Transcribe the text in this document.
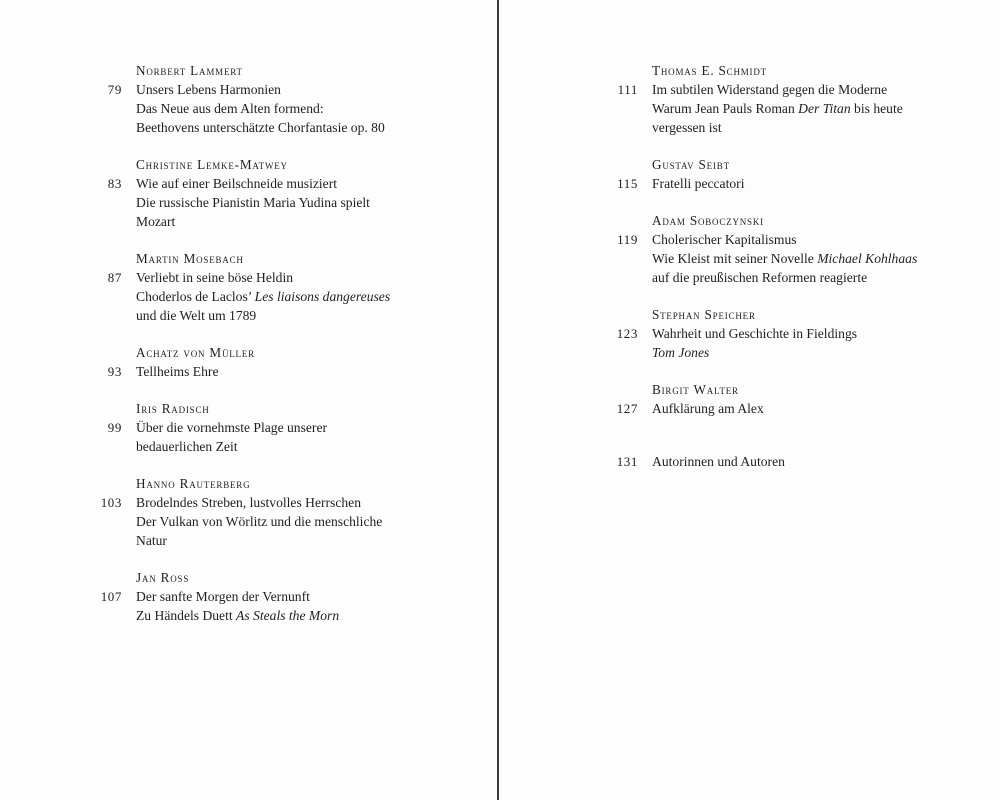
Norbert Lammert
79 Unsers Lebens Harmonien
Das Neue aus dem Alten formend:
Beethovens unterschätzte Chorfantasie op. 80
Christine Lemke-Matwey
83 Wie auf einer Beilschneide musiziert
Die russische Pianistin Maria Yudina spielt
Mozart
Martin Mosebach
87 Verliebt in seine böse Heldin
Choderlos de Laclos’ Les liaisons dangereuses
und die Welt um 1789
Achatz von Müller
93 Tellheims Ehre
Iris Radisch
99 Über die vornehmste Plage unserer
bedauerlichen Zeit
Hanno Rauterberg
103 Brodelndes Streben, lustvolles Herrschen
Der Vulkan von Wörlitz und die menschliche
Natur
Jan Ross
107 Der sanfte Morgen der Vernunft
Zu Händels Duett As Steals the Morn
Thomas E. Schmidt
111 Im subtilen Widerstand gegen die Moderne
Warum Jean Pauls Roman Der Titan bis heute
vergessen ist
Gustav Seibt
115 Fratelli peccatori
Adam Soboczynski
119 Cholerischer Kapitalismus
Wie Kleist mit seiner Novelle Michael Kohlhaas
auf die preußischen Reformen reagierte
Stephan Speicher
123 Wahrheit und Geschichte in Fieldings
Tom Jones
Birgit Walter
127 Aufklärung am Alex
131 Autorinnen und Autoren
